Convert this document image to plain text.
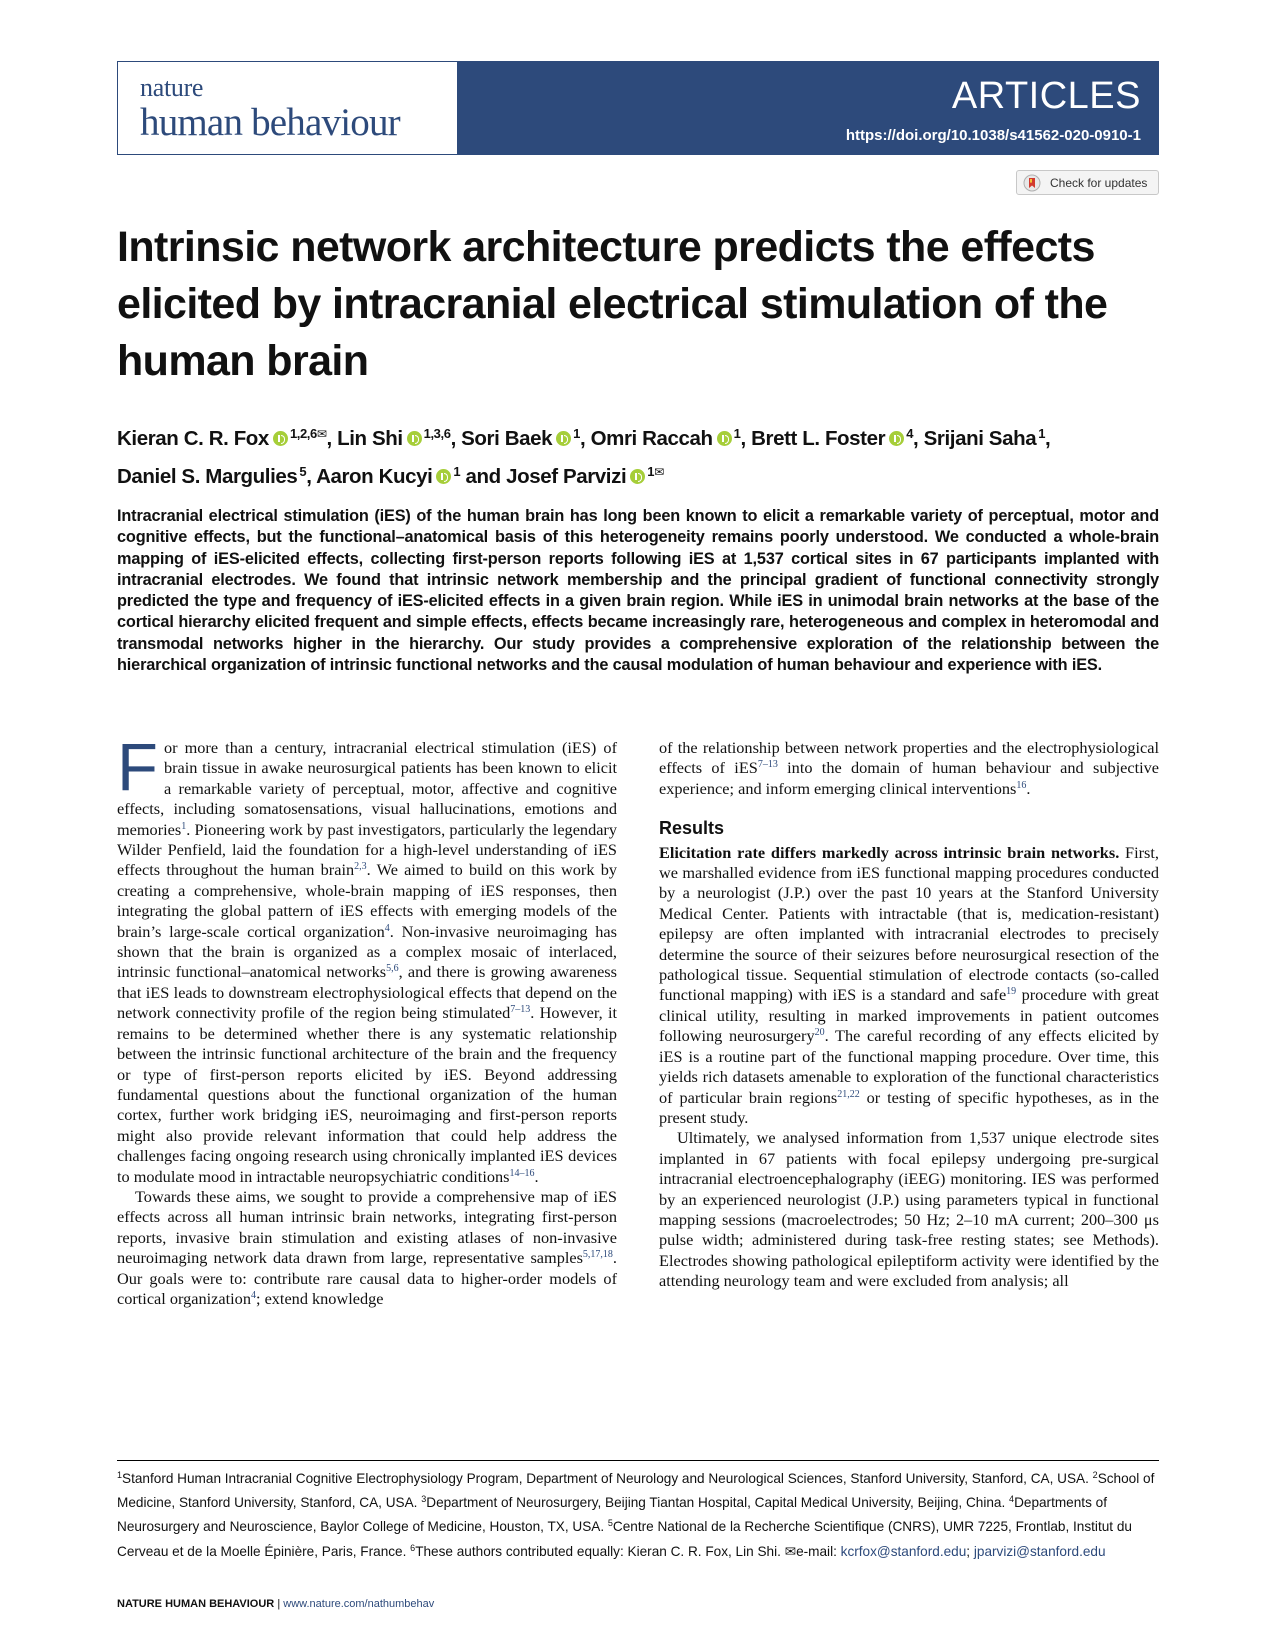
nature
human behaviour
ARTICLES
https://doi.org/10.1038/s41562-020-0910-1
Check for updates
Intrinsic network architecture predicts the effects elicited by intracranial electrical stimulation of the human brain
Kieran C. R. Fox $^{1,2,6✉}$, Lin Shi $^{1,3,6}$, Sori Baek $^1$, Omri Raccah $^1$, Brett L. Foster $^4$, Srijani Saha $^1$,
Daniel S. Margulies $^5$, Aaron Kucyi $^1$ and Josef Parvizi $^{1✉}$
Intracranial electrical stimulation (iES) of the human brain has long been known to elicit a remarkable variety of perceptual, motor and cognitive effects, but the functional–anatomical basis of this heterogeneity remains poorly understood. We conducted a whole-brain mapping of iES-elicited effects, collecting first-person reports following iES at 1,537 cortical sites in 67 participants implanted with intracranial electrodes. We found that intrinsic network membership and the principal gradient of functional connectivity strongly predicted the type and frequency of iES-elicited effects in a given brain region. While iES in unimodal brain networks at the base of the cortical hierarchy elicited frequent and simple effects, effects became increasingly rare, heterogeneous and complex in heteromodal and transmodal networks higher in the hierarchy. Our study provides a comprehensive exploration of the relationship between the hierarchical organization of intrinsic functional networks and the causal modulation of human behaviour and experience with iES.

For more than a century, intracranial electrical stimulation (iES) of brain tissue in awake neurosurgical patients has been known to elicit a remarkable variety of perceptual, motor, affective and cognitive effects, including somatosensations, visual hallucinations, emotions and memories$^1$. Pioneering work by past investigators, particularly the legendary Wilder Penfield, laid the foundation for a high-level understanding of iES effects throughout the human brain$^{2,3}$. We aimed to build on this work by creating a comprehensive, whole-brain mapping of iES responses, then integrating the global pattern of iES effects with emerging models of the brain’s large-scale cortical organization$^4$. Non-invasive neuroimaging has shown that the brain is organized as a complex mosaic of interlaced, intrinsic functional–anatomical networks$^{5,6}$, and there is growing awareness that iES leads to downstream electrophysiological effects that depend on the network connectivity profile of the region being stimulated$^{7-13}$. However, it remains to be determined whether there is any systematic relationship between the intrinsic functional architecture of the brain and the frequency or type of first-person reports elicited by iES. Beyond addressing fundamental questions about the functional organization of the human cortex, further work bridging iES, neuroimaging and first-person reports might also provide relevant information that could help address the challenges facing ongoing research using chronically implanted iES devices to modulate mood in intractable neuropsychiatric conditions$^{14-16}$.

Towards these aims, we sought to provide a comprehensive map of iES effects across all human intrinsic brain networks, integrating first-person reports, invasive brain stimulation and existing atlases of non-invasive neuroimaging network data drawn from large, representative samples$^{5,17,18}$. Our goals were to: contribute rare causal data to higher-order models of cortical organization$^4$; extend knowledge

of the relationship between network properties and the electrophysiological effects of iES$^{7-13}$ into the domain of human behaviour and subjective experience; and inform emerging clinical interventions$^{16}$.

Results

Elicitation rate differs markedly across intrinsic brain networks. First, we marshalled evidence from iES functional mapping procedures conducted by a neurologist (J.P.) over the past 10 years at the Stanford University Medical Center. Patients with intractable (that is, medication-resistant) epilepsy are often implanted with intracranial electrodes to precisely determine the source of their seizures before neurosurgical resection of the pathological tissue. Sequential stimulation of electrode contacts (so-called functional mapping) with iES is a standard and safe$^{19}$ procedure with great clinical utility, resulting in marked improvements in patient outcomes following neurosurgery$^{20}$. The careful recording of any effects elicited by iES is a routine part of the functional mapping procedure. Over time, this yields rich datasets amenable to exploration of the functional characteristics of particular brain regions$^{21,22}$ or testing of specific hypotheses, as in the present study.

Ultimately, we analysed information from 1,537 unique electrode sites implanted in 67 patients with focal epilepsy undergoing pre-surgical intracranial electroencephalography (iEEG) monitoring. IES was performed by an experienced neurologist (J.P.) using parameters typical in functional mapping sessions (macroelectrodes; 50 Hz; 2–10 mA current; 200–300 μs pulse width; administered during task-free resting states; see Methods). Electrodes showing pathological epileptiform activity were identified by the attending neurology team and were excluded from analysis; all

$^1$Stanford Human Intracranial Cognitive Electrophysiology Program, Department of Neurology and Neurological Sciences, Stanford University, Stanford, CA, USA. $^2$School of Medicine, Stanford University, Stanford, CA, USA. $^3$Department of Neurosurgery, Beijing Tiantan Hospital, Capital Medical University, Beijing, China. $^4$Departments of Neurosurgery and Neuroscience, Baylor College of Medicine, Houston, TX, USA. $^5$Centre National de la Recherche Scientifique (CNRS), UMR 7225, Frontlab, Institut du Cerveau et de la Moelle Épinière, Paris, France. $^6$These authors contributed equally: Kieran C. R. Fox, Lin Shi. ✉e-mail: kcrfox@stanford.edu; jparvizi@stanford.edu
NATURE HUMAN BEHAVIOUR | www.nature.com/nathumbehav
